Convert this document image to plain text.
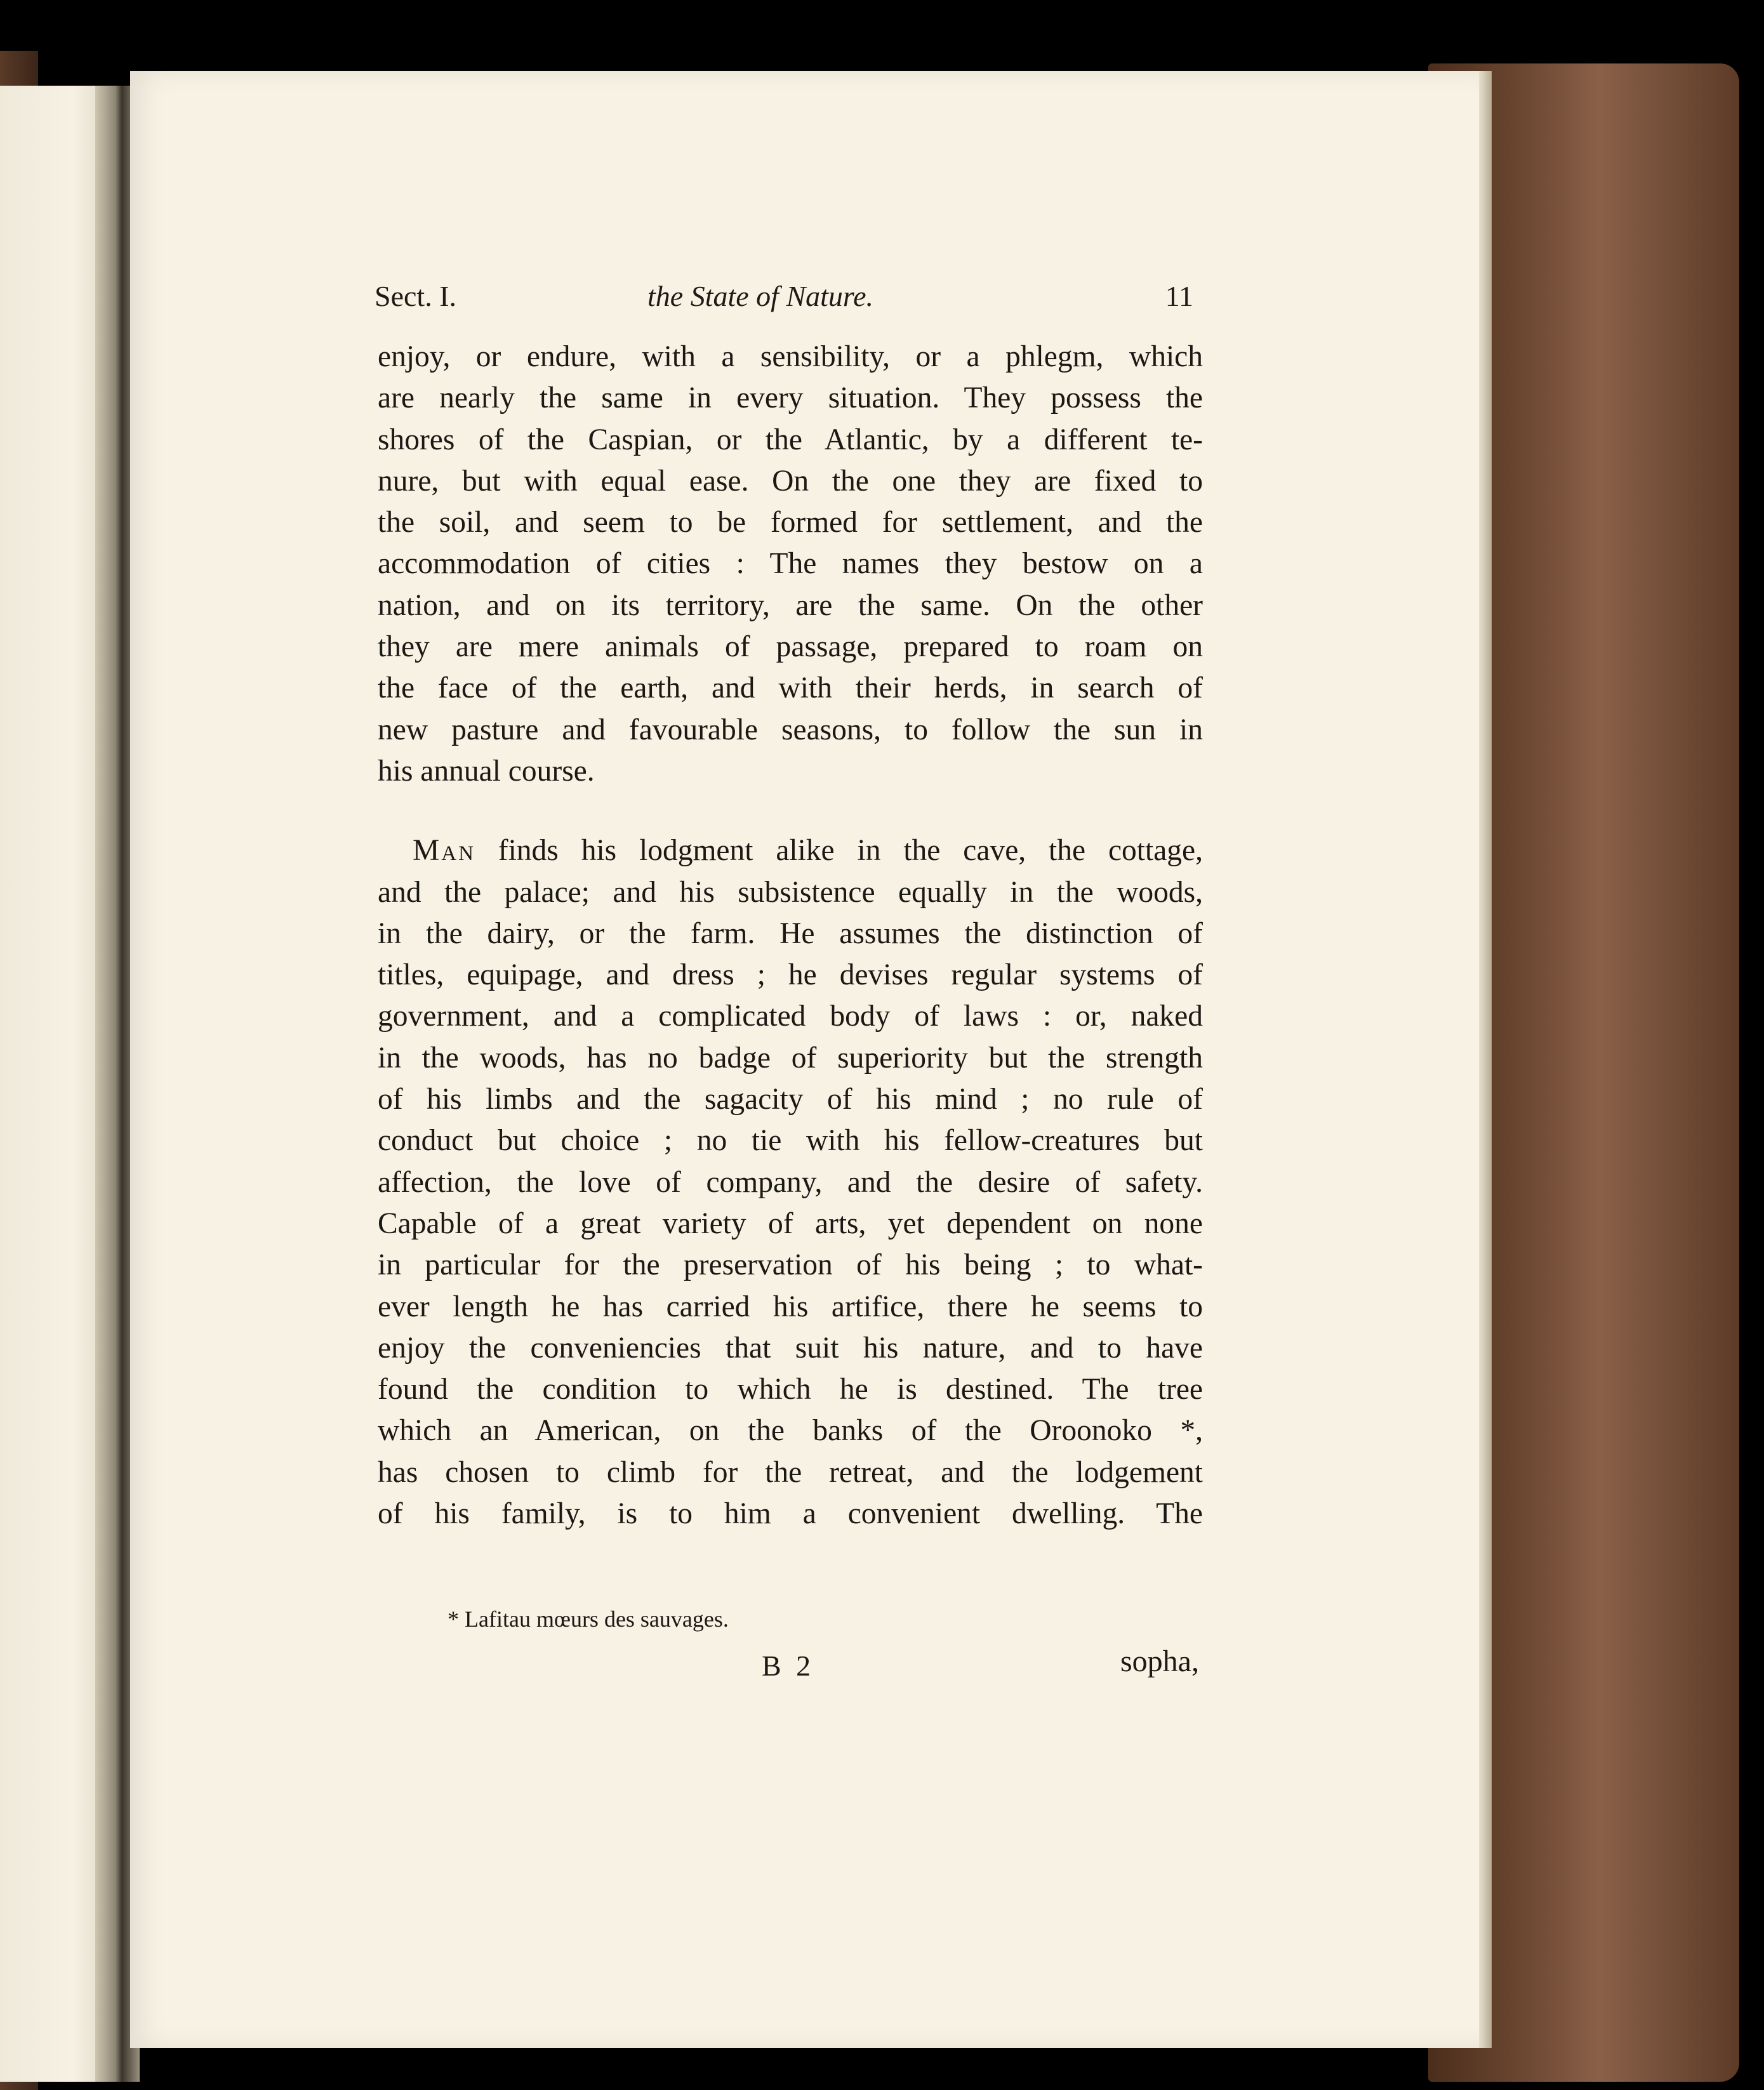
Sect. I.	the State of Nature.	11
enjoy, or endure, with a sensibility, or a phlegm, which
are nearly the same in every situation. They possess the
shores of the Caspian, or the Atlantic, by a different te-
nure, but with equal ease. On the one they are fixed to
the soil, and seem to be formed for settlement, and the
accommodation of cities : The names they bestow on a
nation, and on its territory, are the same. On the other
they are mere animals of passage, prepared to roam on
the face of the earth, and with their herds, in search of
new pasture and favourable seasons, to follow the sun in
his annual course.
Man finds his lodgment alike in the cave, the cottage,
and the palace; and his subsistence equally in the woods,
in the dairy, or the farm. He assumes the distinction of
titles, equipage, and dress ; he devises regular systems of
government, and a complicated body of laws : or, naked
in the woods, has no badge of superiority but the strength
of his limbs and the sagacity of his mind ; no rule of
conduct but choice ; no tie with his fellow-creatures but
affection, the love of company, and the desire of safety.
Capable of a great variety of arts, yet dependent on none
in particular for the preservation of his being ; to what-
ever length he has carried his artifice, there he seems to
enjoy the conveniencies that suit his nature, and to have
found the condition to which he is destined. The tree
which an American, on the banks of the Oroonoko *,
has chosen to climb for the retreat, and the lodgement
of his family, is to him a convenient dwelling. The
* Lafitau mœurs des sauvages.
B 2	sopha,
